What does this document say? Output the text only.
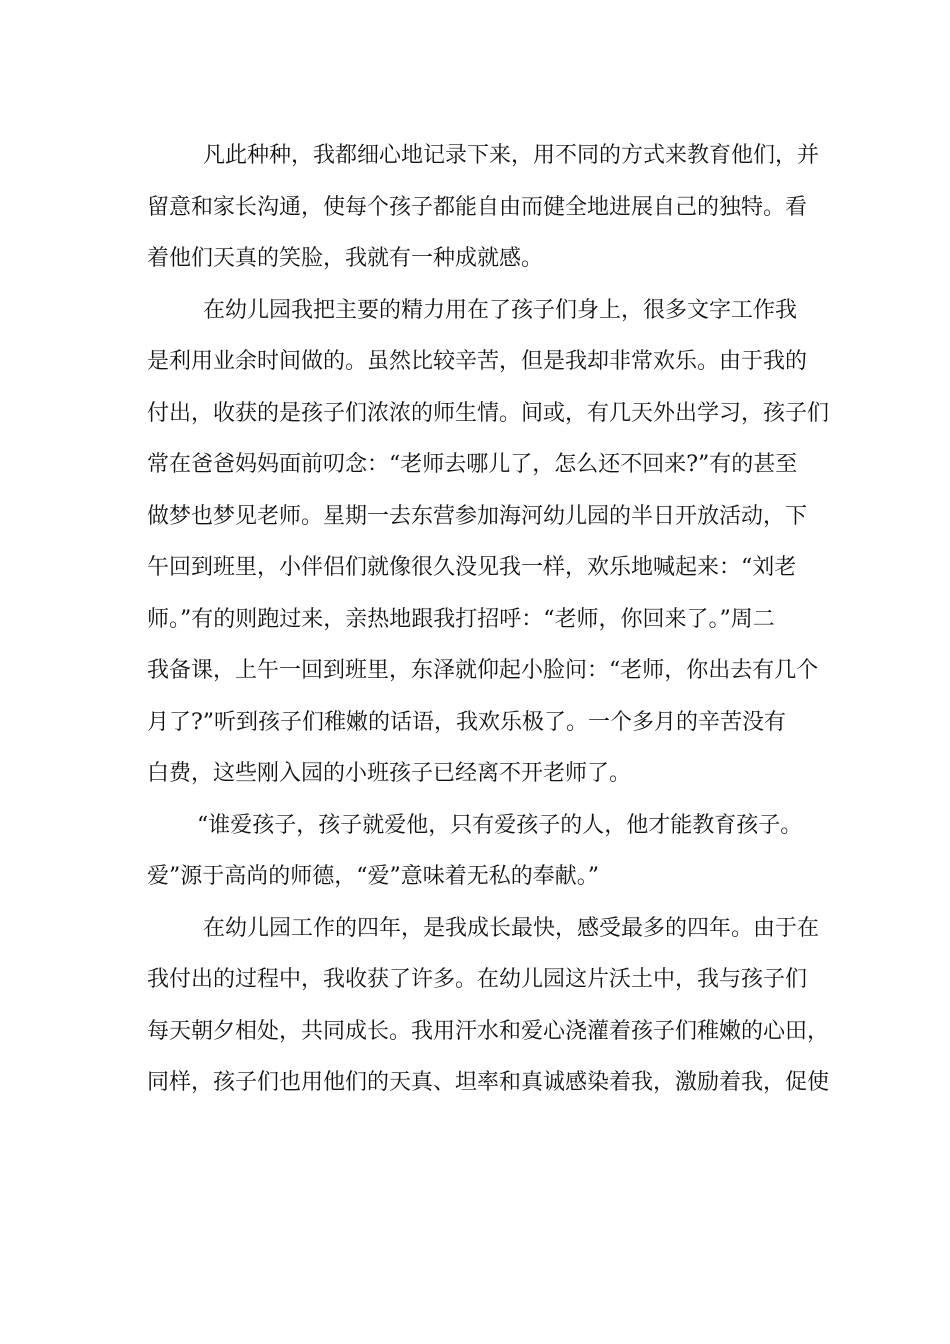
凡此种种，我都细心地记录下来，用不同的方式来教育他们，并
留意和家长沟通，使每个孩子都能自由而健全地进展自己的独特。看
着他们天真的笑脸，我就有一种成就感。
在幼儿园我把主要的精力用在了孩子们身上，很多文字工作我
是利用业余时间做的。虽然比较辛苦，但是我却非常欢乐。由于我的
付出，收获的是孩子们浓浓的师生情。间或，有几天外出学习，孩子们
常在爸爸妈妈面前叨念：“老师去哪儿了，怎么还不回来?”有的甚至
做梦也梦见老师。星期一去东营参加海河幼儿园的半日开放活动，下
午回到班里，小伴侣们就像很久没见我一样，欢乐地喊起来：“刘老
师。”有的则跑过来，亲热地跟我打招呼：“老师，你回来了。”周二
我备课，上午一回到班里，东泽就仰起小脸问：“老师，你出去有几个
月了?”听到孩子们稚嫩的话语，我欢乐极了。一个多月的辛苦没有
白费，这些刚入园的小班孩子已经离不开老师了。
“谁爱孩子，孩子就爱他，只有爱孩子的人，他才能教育孩子。
爱”源于高尚的师德，“爱”意味着无私的奉献。”
在幼儿园工作的四年，是我成长最快，感受最多的四年。由于在
我付出的过程中，我收获了许多。在幼儿园这片沃土中，我与孩子们
每天朝夕相处，共同成长。我用汗水和爱心浇灌着孩子们稚嫩的心田，
同样，孩子们也用他们的天真、坦率和真诚感染着我，激励着我，促使
